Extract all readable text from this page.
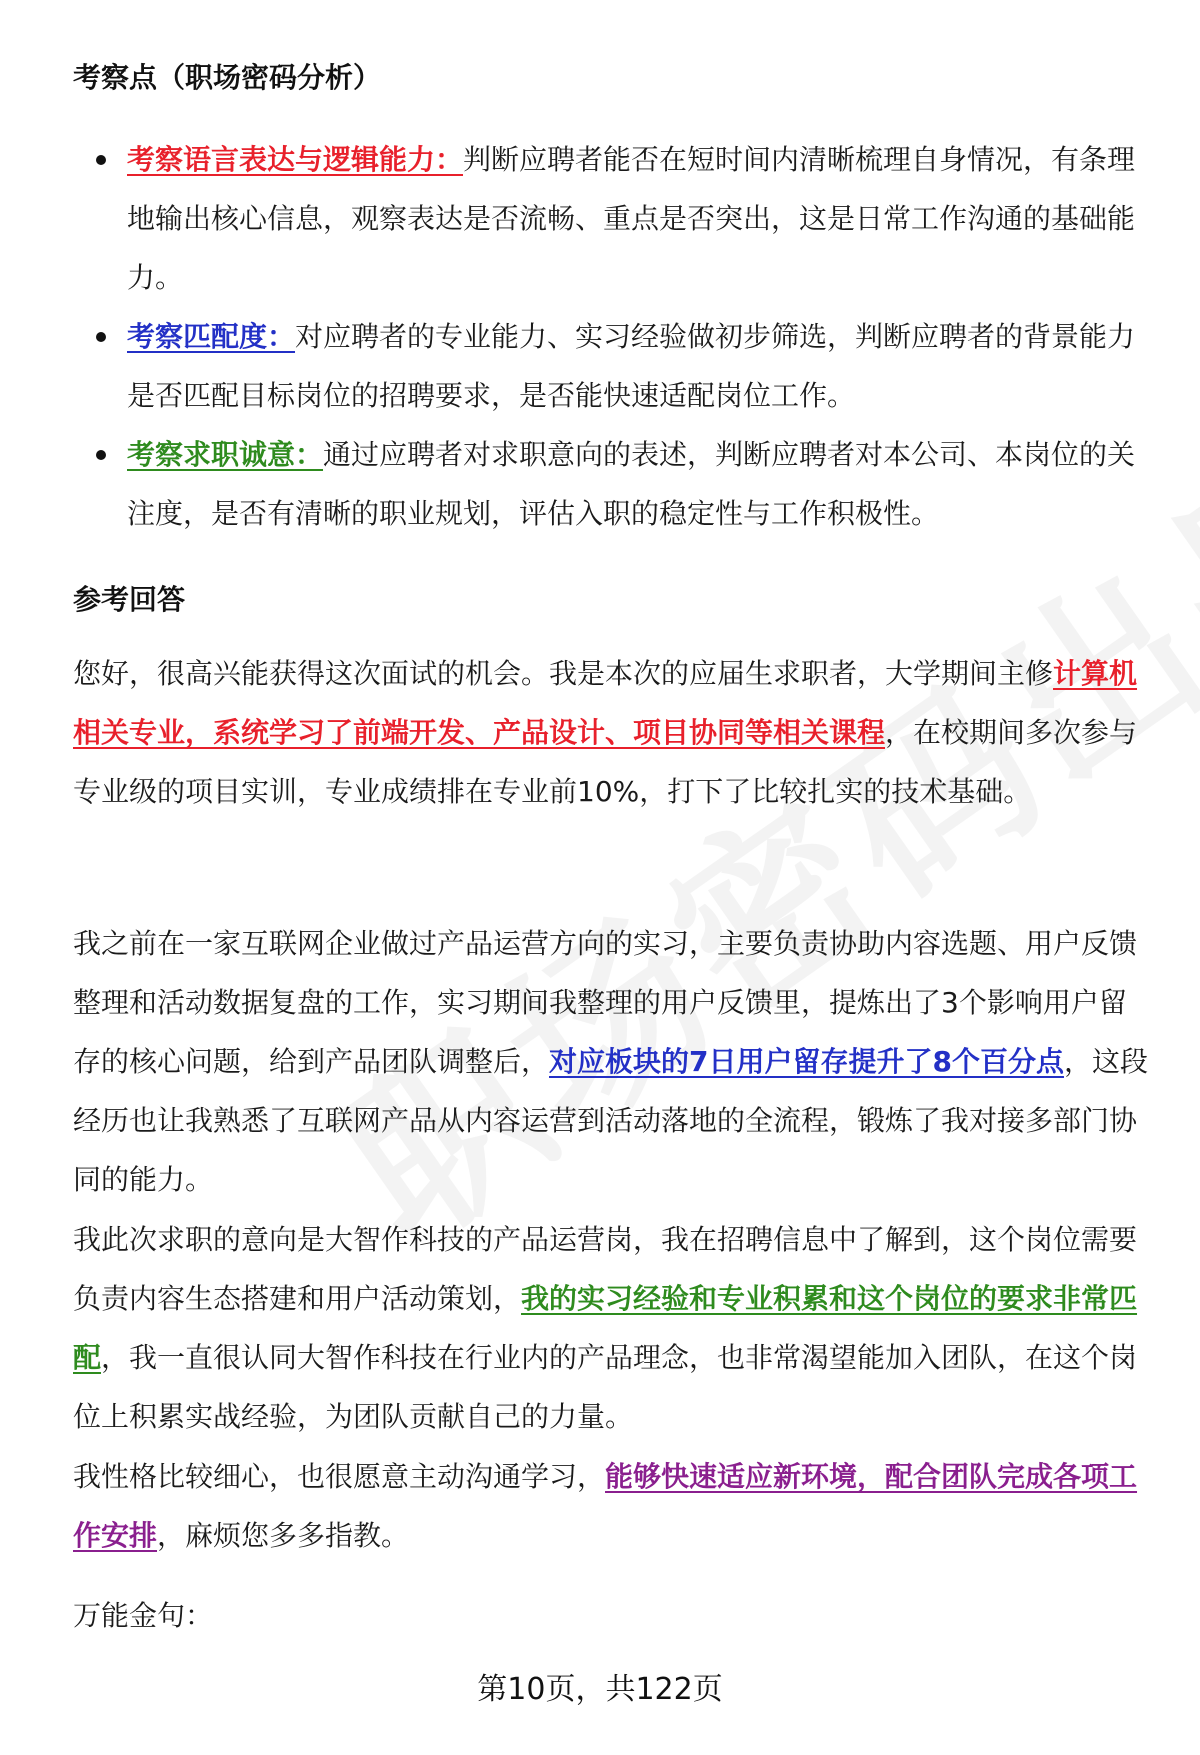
考察点（职场密码分析）
考察语言表达与逻辑能力：判断应聘者能否在短时间内清晰梳理自身情况，有条理地输出核心信息，观察表达是否流畅、重点是否突出，这是日常工作沟通的基础能力。
考察匹配度：对应聘者的专业能力、实习经验做初步筛选，判断应聘者的背景能力是否匹配目标岗位的招聘要求，是否能快速适配岗位工作。
考察求职诚意：通过应聘者对求职意向的表述，判断应聘者对本公司、本岗位的关注度，是否有清晰的职业规划，评估入职的稳定性与工作积极性。
参考回答

您好，很高兴能获得这次面试的机会。我是本次的应届生求职者，大学期间主修计算机相关专业，系统学习了前端开发、产品设计、项目协同等相关课程，在校期间多次参与专业级的项目实训，专业成绩排在专业前10%，打下了比较扎实的技术基础。

我之前在一家互联网企业做过产品运营方向的实习，主要负责协助内容选题、用户反馈整理和活动数据复盘的工作，实习期间我整理的用户反馈里，提炼出了3个影响用户留存的核心问题，给到产品团队调整后，对应板块的7日用户留存提升了8个百分点，这段经历也让我熟悉了互联网产品从内容运营到活动落地的全流程，锻炼了我对接多部门协同的能力。

我此次求职的意向是大智作科技的产品运营岗，我在招聘信息中了解到，这个岗位需要负责内容生态搭建和用户活动策划，我的实习经验和专业积累和这个岗位的要求非常匹配，我一直很认同大智作科技在行业内的产品理念，也非常渴望能加入团队，在这个岗位上积累实战经验，为团队贡献自己的力量。

我性格比较细心，也很愿意主动沟通学习，能够快速适应新环境，配合团队完成各项工作安排，麻烦您多多指教。

万能金句：

第10页，共122页
